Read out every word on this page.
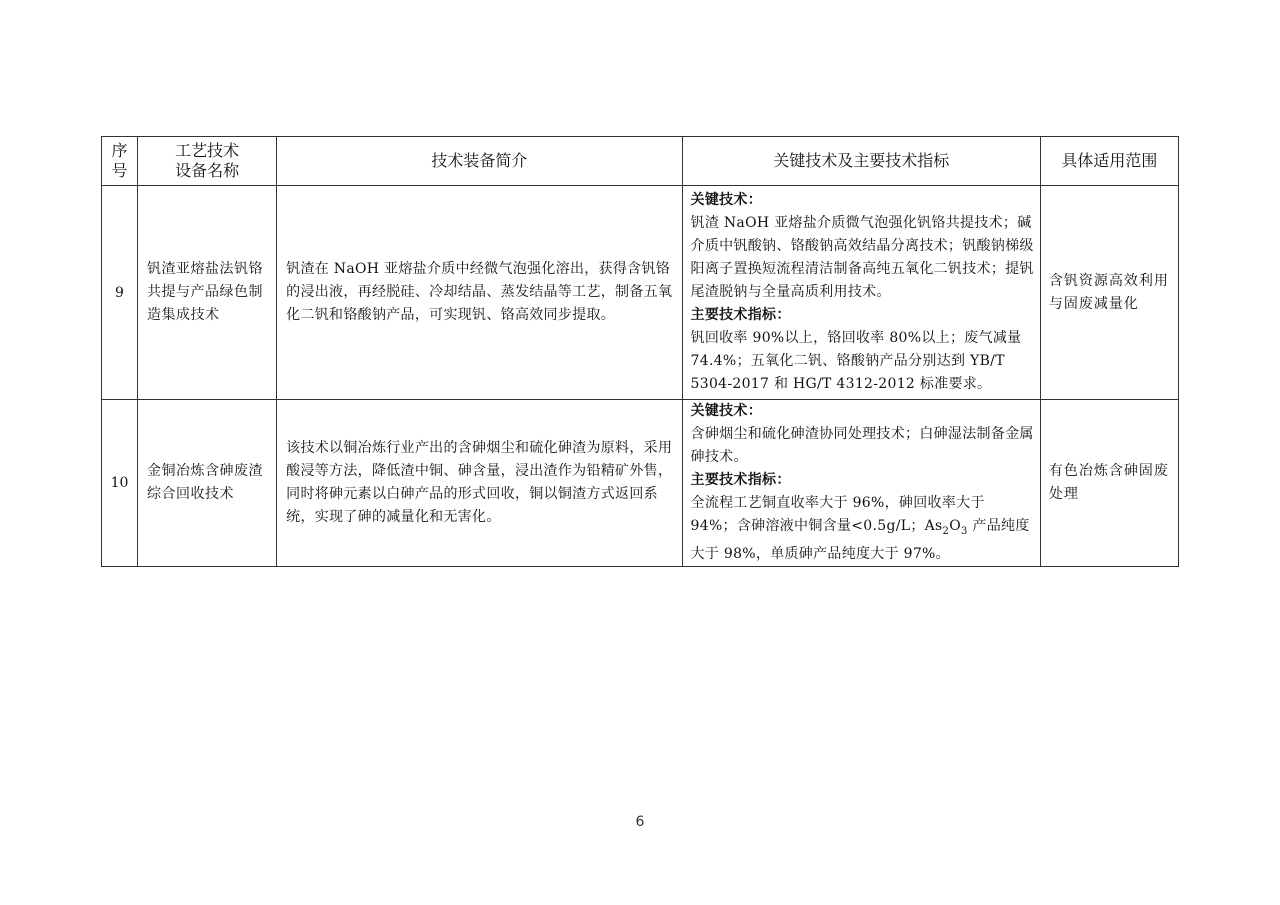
序号	工艺技术设备名称	技术装备简介	关键技术及主要技术指标	具体适用范围
9	钒渣亚熔盐法钒铬共提与产品绿色制造集成技术	钒渣在 NaOH 亚熔盐介质中经微气泡强化溶出，获得含钒铬的浸出液，再经脱硅、冷却结晶、蒸发结晶等工艺，制备五氧化二钒和铬酸钠产品，可实现钒、铬高效同步提取。	关键技术：
钒渣 NaOH 亚熔盐介质微气泡强化钒铬共提技术；碱介质中钒酸钠、铬酸钠高效结晶分离技术；钒酸钠梯级阳离子置换短流程清洁制备高纯五氧化二钒技术；提钒尾渣脱钠与全量高质利用技术。
主要技术指标：
钒回收率 90%以上，铬回收率 80%以上；废气减量 74.4%；五氧化二钒、铬酸钠产品分别达到 YB/T 5304-2017 和 HG/T 4312-2012 标准要求。	含钒资源高效利用与固废减量化
10	金铜冶炼含砷废渣综合回收技术	该技术以铜冶炼行业产出的含砷烟尘和硫化砷渣为原料，采用酸浸等方法，降低渣中铜、砷含量，浸出渣作为铅精矿外售，同时将砷元素以白砷产品的形式回收，铜以铜渣方式返回系统，实现了砷的减量化和无害化。	关键技术：
含砷烟尘和硫化砷渣协同处理技术；白砷湿法制备金属砷技术。
主要技术指标：
全流程工艺铜直收率大于 96%，砷回收率大于 94%；含砷溶液中铜含量<0.5g/L；$As_2O_3$ 产品纯度大于 98%，单质砷产品纯度大于 97%。	有色冶炼含砷固废处理
6
